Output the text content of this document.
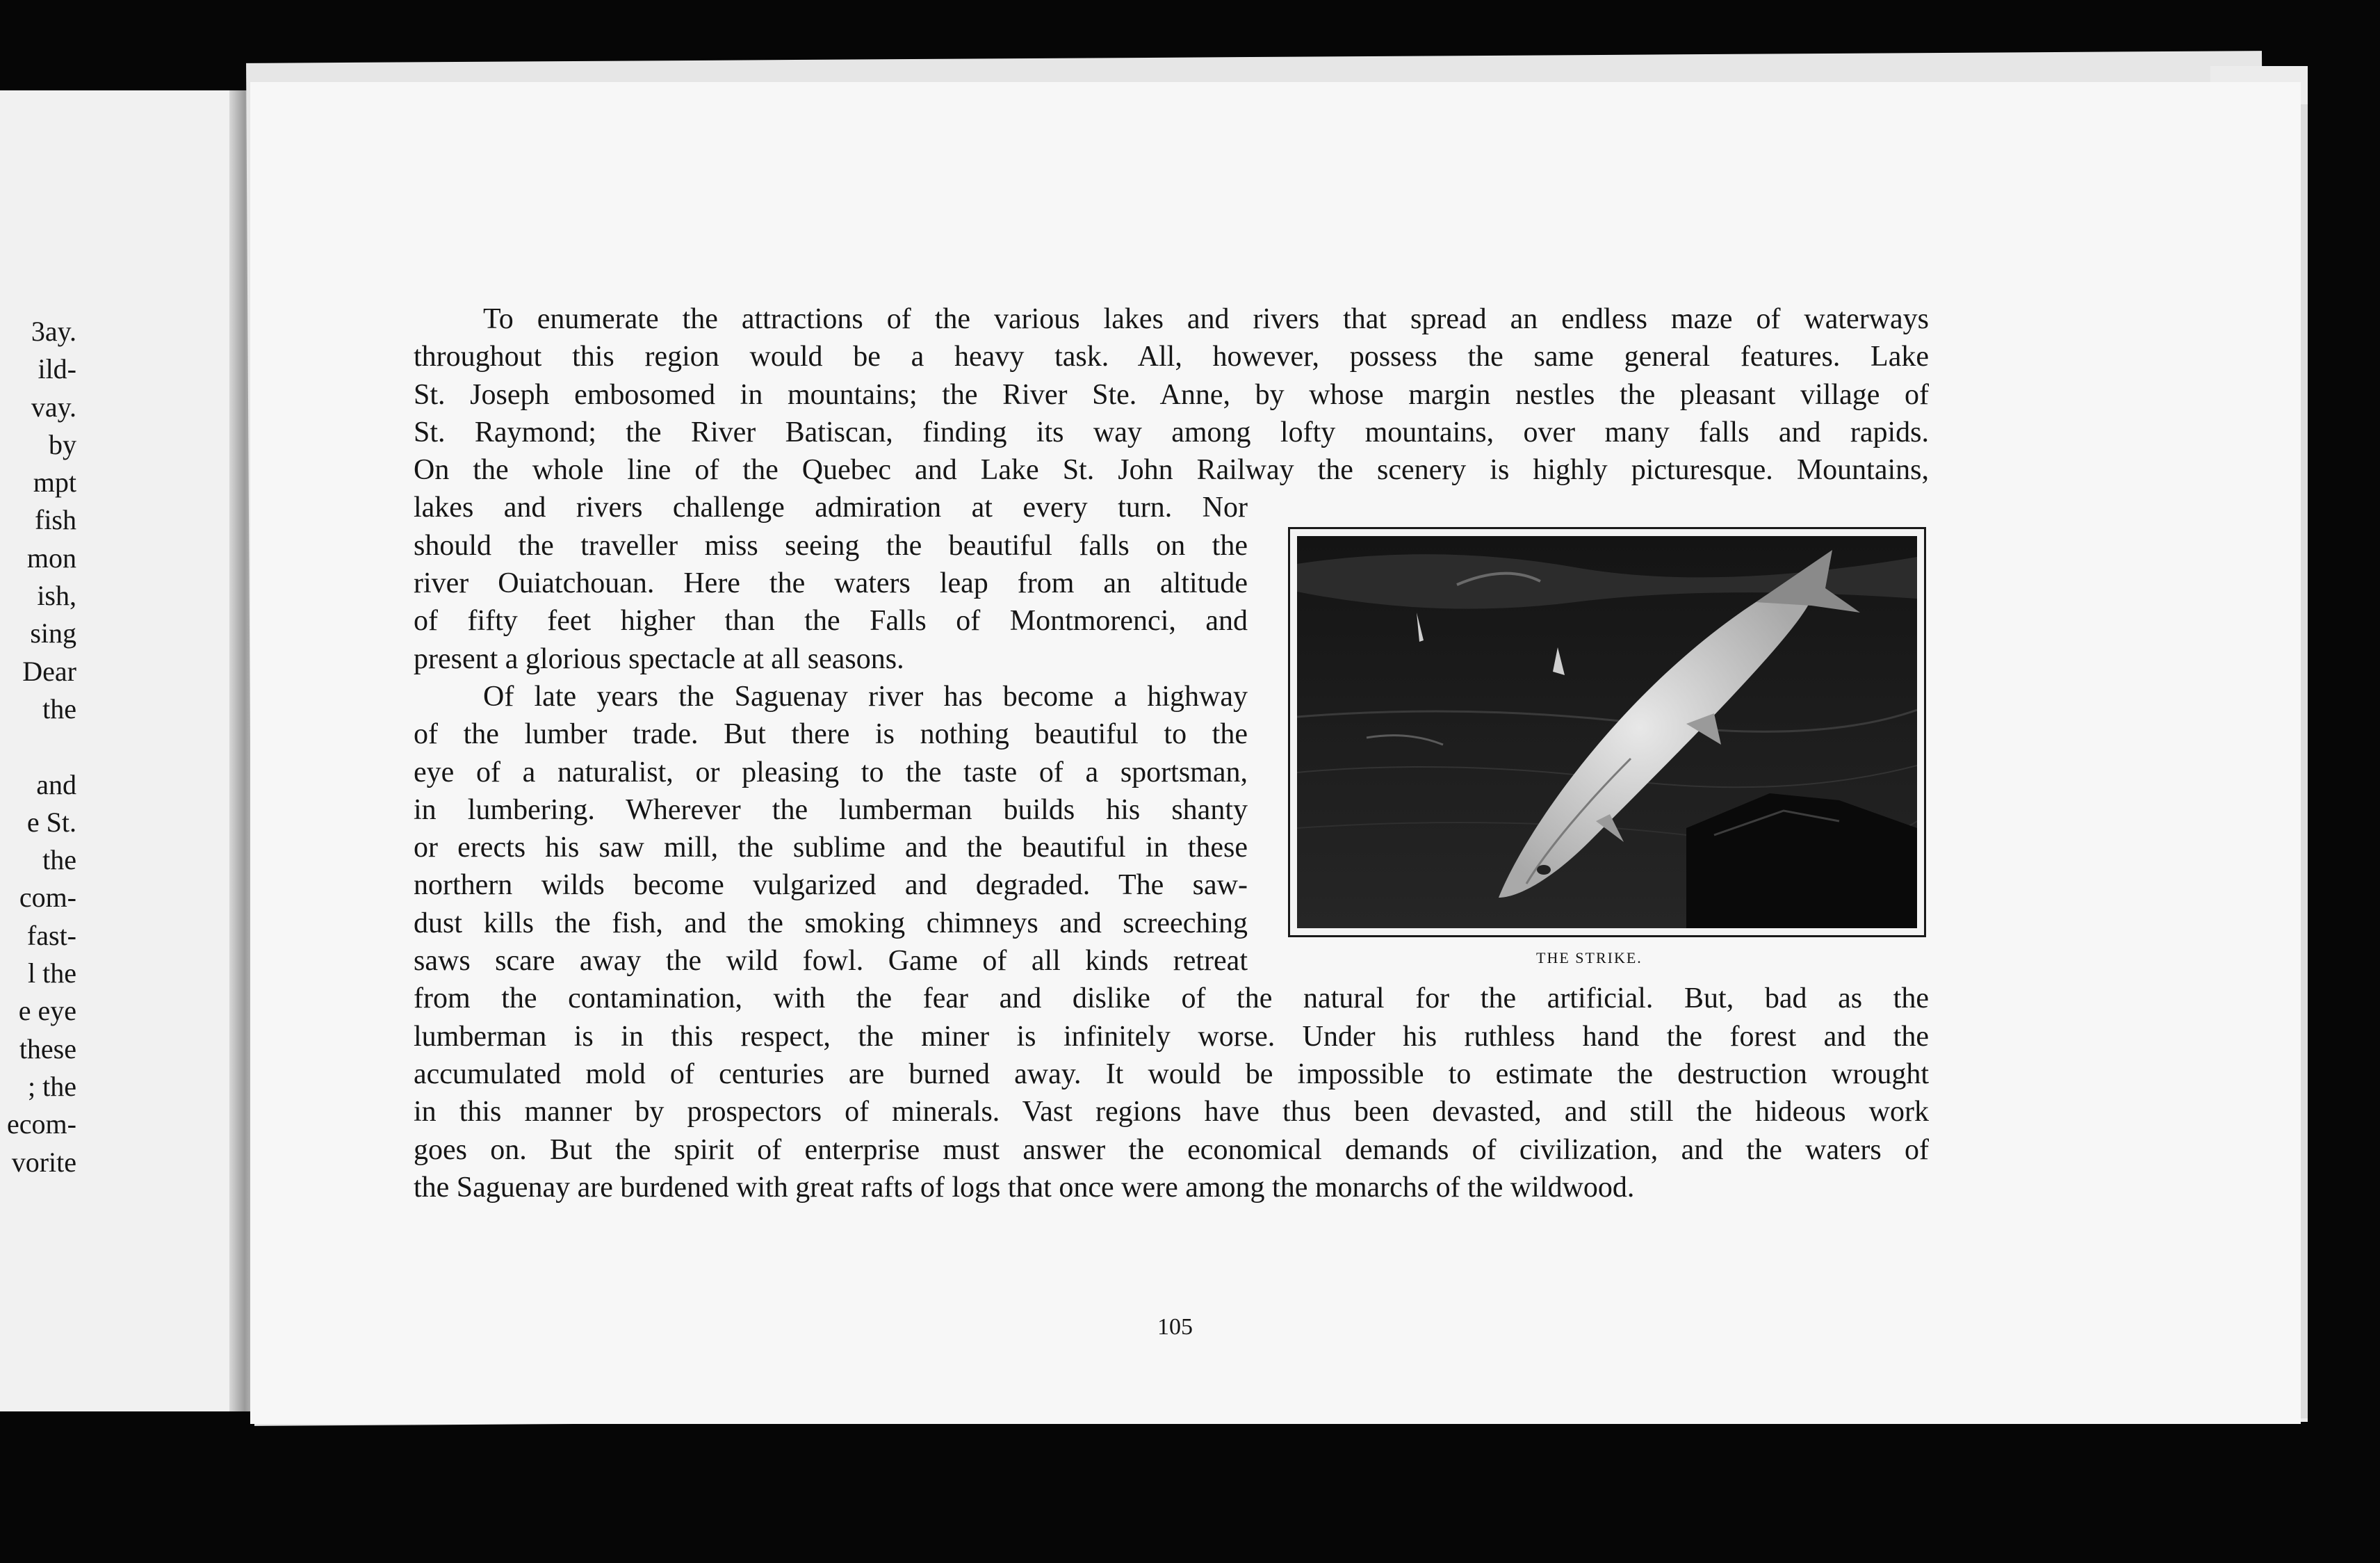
3ay.
ild-
vay.
by
mpt
fish
mon
ish,
sing
Dear
the
and
e St.
the
com-
fast-
l the
e eye
these
; the
ecom-
vorite
To enumerate the attractions of the various lakes and rivers that spread an endless maze of waterways
throughout this region would be a heavy task. All, however, possess the same general features. Lake
St. Joseph embosomed in mountains; the River Ste. Anne, by whose margin nestles the pleasant village of
St. Raymond; the River Batiscan, finding its way among lofty mountains, over many falls and rapids.
On the whole line of the Quebec and Lake St. John Railway the scenery is highly picturesque. Mountains,
lakes and rivers challenge admiration at every turn. Nor
should the traveller miss seeing the beautiful falls on the
river Ouiatchouan. Here the waters leap from an altitude
of fifty feet higher than the Falls of Montmorenci, and
present a glorious spectacle at all seasons.
Of late years the Saguenay river has become a highway
of the lumber trade. But there is nothing beautiful to the
eye of a naturalist, or pleasing to the taste of a sportsman,
in lumbering. Wherever the lumberman builds his shanty
or erects his saw mill, the sublime and the beautiful in these
northern wilds become vulgarized and degraded. The saw-
dust kills the fish, and the smoking chimneys and screeching
saws scare away the wild fowl. Game of all kinds retreat
from the contamination, with the fear and dislike of the natural for the artificial. But, bad as the
lumberman is in this respect, the miner is infinitely worse. Under his ruthless hand the forest and the
accumulated mold of centuries are burned away. It would be impossible to estimate the destruction wrought
in this manner by prospectors of minerals. Vast regions have thus been devasted, and still the hideous work
goes on. But the spirit of enterprise must answer the economical demands of civilization, and the waters of
the Saguenay are burdened with great rafts of logs that once were among the monarchs of the wildwood.
THE STRIKE.
105
